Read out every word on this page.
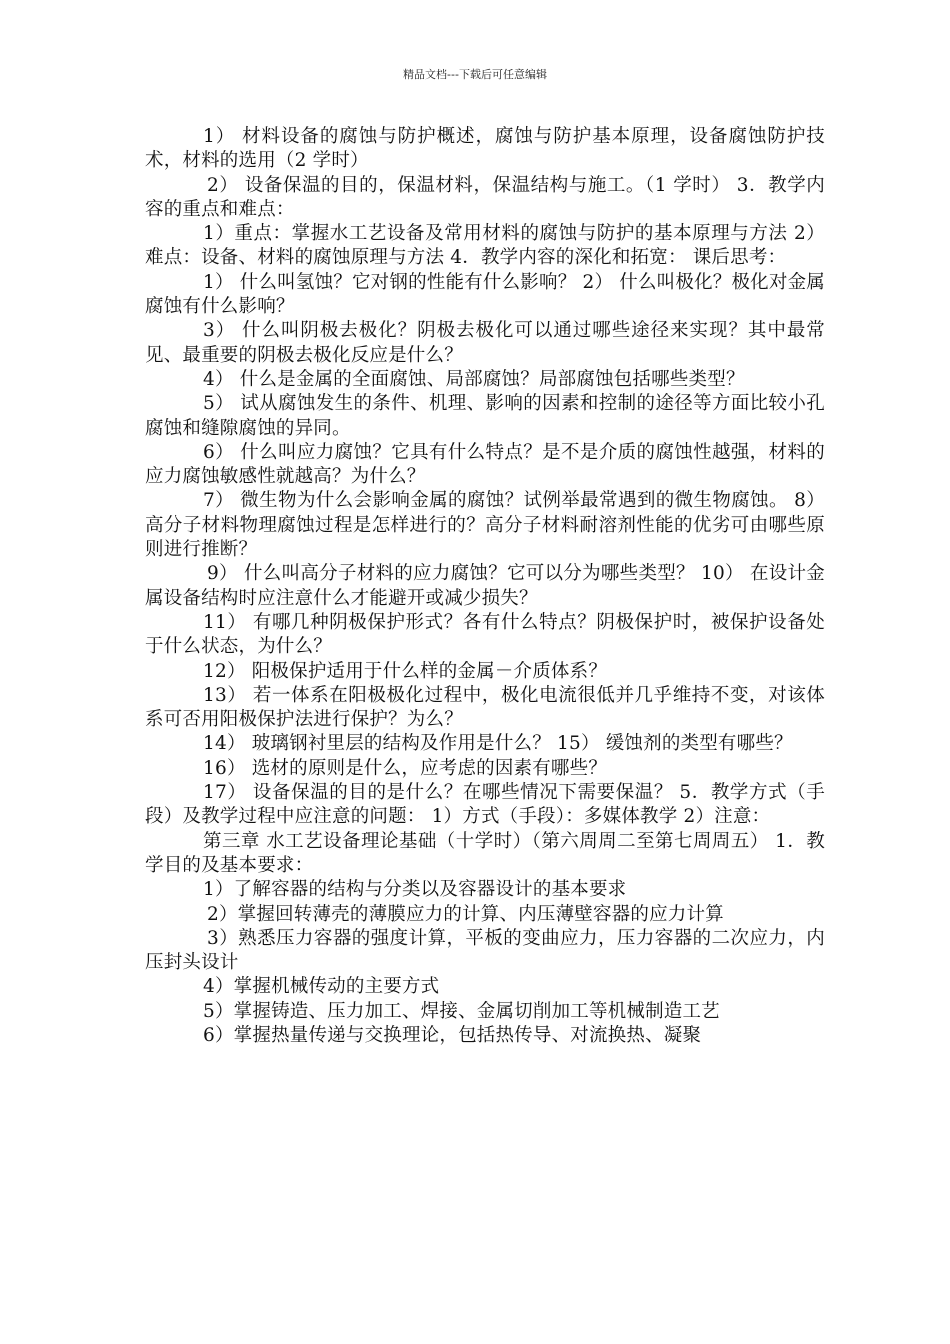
精品文档---下载后可任意编辑

1） 材料设备的腐蚀与防护概述，腐蚀与防护基本原理，设备腐蚀防护技术，材料的选用（2 学时）

2） 设备保温的目的，保温材料，保温结构与施工。（1 学时） 3．教学内容的重点和难点：

1）重点：掌握水工艺设备及常用材料的腐蚀与防护的基本原理与方法 2）难点：设备、材料的腐蚀原理与方法 4．教学内容的深化和拓宽： 课后思考：

1） 什么叫氢蚀？它对钢的性能有什么影响？ 2） 什么叫极化？极化对金属腐蚀有什么影响？

3） 什么叫阴极去极化？阴极去极化可以通过哪些途径来实现？其中最常见、最重要的阴极去极化反应是什么？

4） 什么是金属的全面腐蚀、局部腐蚀？局部腐蚀包括哪些类型？

5） 试从腐蚀发生的条件、机理、影响的因素和控制的途径等方面比较小孔腐蚀和缝隙腐蚀的异同。

6） 什么叫应力腐蚀？它具有什么特点？是不是介质的腐蚀性越强，材料的应力腐蚀敏感性就越高？为什么？

7） 微生物为什么会影响金属的腐蚀？试例举最常遇到的微生物腐蚀。 8） 高分子材料物理腐蚀过程是怎样进行的？高分子材料耐溶剂性能的优劣可由哪些原则进行推断？

9） 什么叫高分子材料的应力腐蚀？它可以分为哪些类型？ 10） 在设计金属设备结构时应注意什么才能避开或减少损失？

11） 有哪几种阴极保护形式？各有什么特点？阴极保护时，被保护设备处于什么状态，为什么？

12） 阳极保护适用于什么样的金属－介质体系？

13） 若一体系在阳极极化过程中，极化电流很低并几乎维持不变，对该体系可否用阳极保护法进行保护？为么？

14） 玻璃钢衬里层的结构及作用是什么？ 15） 缓蚀剂的类型有哪些？

16） 选材的原则是什么，应考虑的因素有哪些？

17） 设备保温的目的是什么？在哪些情况下需要保温？ 5．教学方式（手段）及教学过程中应注意的问题： 1）方式（手段）：多媒体教学 2）注意：

第三章 水工艺设备理论基础（十学时）（第六周周二至第七周周五） 1．教学目的及基本要求：

1）了解容器的结构与分类以及容器设计的基本要求

2）掌握回转薄壳的薄膜应力的计算、内压薄壁容器的应力计算

3）熟悉压力容器的强度计算，平板的变曲应力，压力容器的二次应力，内压封头设计

4）掌握机械传动的主要方式

5）掌握铸造、压力加工、焊接、金属切削加工等机械制造工艺

6）掌握热量传递与交换理论，包括热传导、对流换热、凝聚
